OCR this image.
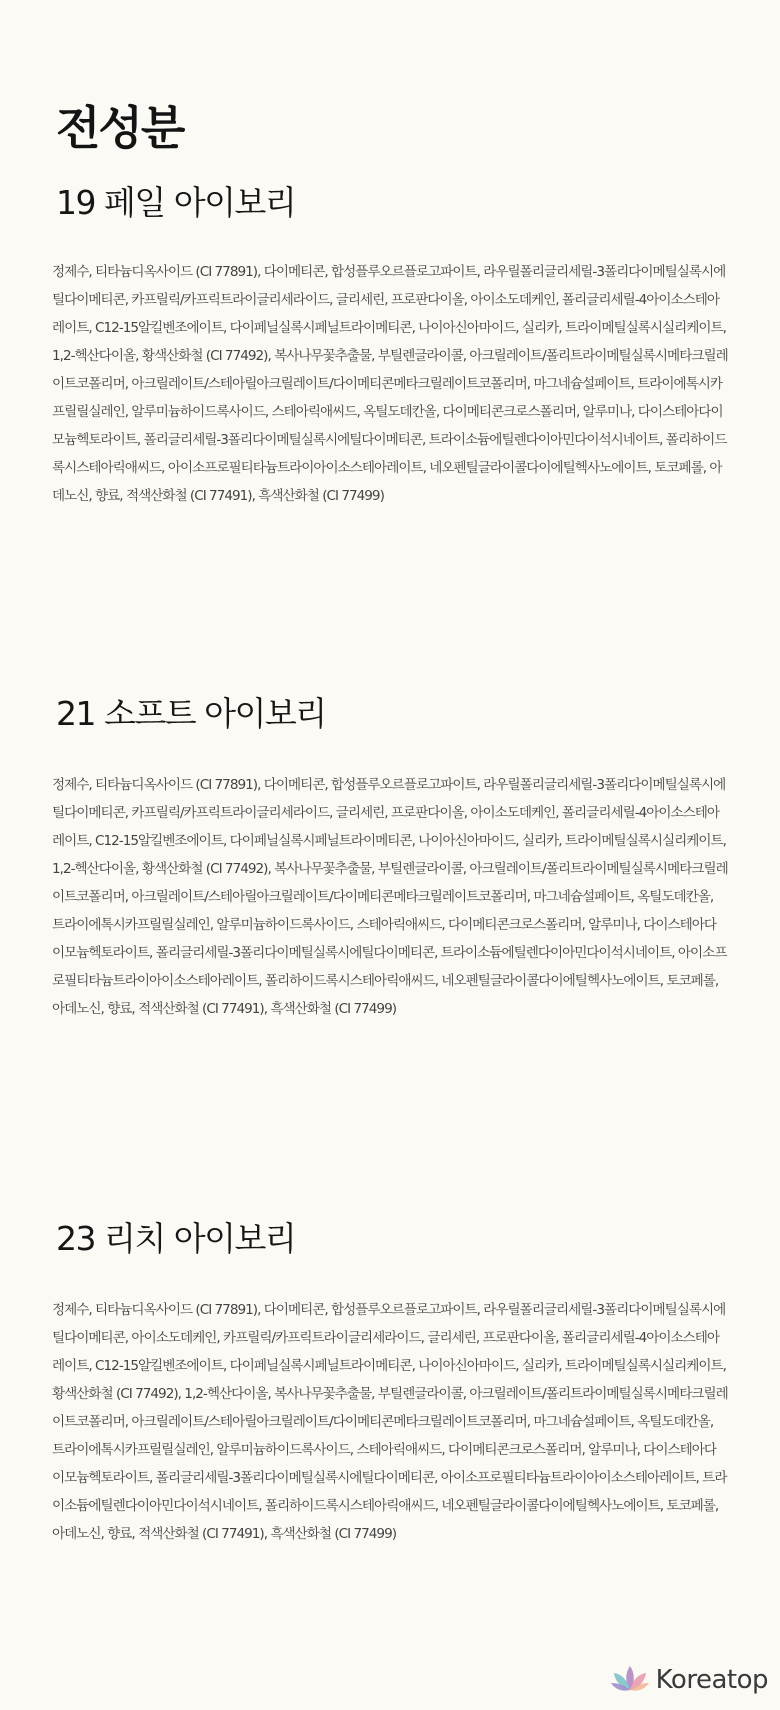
전성분
19 페일 아이보리

정제수, 티타늄디옥사이드 (CI 77891), 다이메티콘, 합성플루오르플로고파이트, 라우릴폴리글리세릴-3폴리다이메틸실록시에틸다이메티콘, 카프릴릭/카프릭트라이글리세라이드, 글리세린, 프로판다이올, 아이소도데케인, 폴리글리세릴-4아이소스테아레이트, C12-15알킬벤조에이트, 다이페닐실록시페닐트라이메티콘, 나이아신아마이드, 실리카, 트라이메틸실록시실리케이트, 1,2-헥산다이올, 황색산화철 (CI 77492), 복사나무꽃추출물, 부틸렌글라이콜, 아크릴레이트/폴리트라이메틸실록시메타크릴레이트코폴리머, 아크릴레이트/스테아릴아크릴레이트/다이메티콘메타크릴레이트코폴리머, 마그네슘설페이트, 트라이에톡시카프릴릴실레인, 알루미늄하이드록사이드, 스테아릭애씨드, 옥틸도데칸올, 다이메티콘크로스폴리머, 알루미나, 다이스테아다이모늄헥토라이트, 폴리글리세릴-3폴리다이메틸실록시에틸다이메티콘, 트라이소듐에틸렌다이아민다이석시네이트, 폴리하이드록시스테아릭애씨드, 아이소프로필티타늄트라이아이소스테아레이트, 네오펜틸글라이콜다이에틸헥사노에이트, 토코페롤, 아데노신, 향료, 적색산화철 (CI 77491), 흑색산화철 (CI 77499)

21 소프트 아이보리

정제수, 티타늄디옥사이드 (CI 77891), 다이메티콘, 합성플루오르플로고파이트, 라우릴폴리글리세릴-3폴리다이메틸실록시에틸다이메티콘, 카프릴릭/카프릭트라이글리세라이드, 글리세린, 프로판다이올, 아이소도데케인, 폴리글리세릴-4아이소스테아레이트, C12-15알킬벤조에이트, 다이페닐실록시페닐트라이메티콘, 나이아신아마이드, 실리카, 트라이메틸실록시실리케이트, 1,2-헥산다이올, 황색산화철 (CI 77492), 복사나무꽃추출물, 부틸렌글라이콜, 아크릴레이트/폴리트라이메틸실록시메타크릴레이트코폴리머, 아크릴레이트/스테아릴아크릴레이트/다이메티콘메타크릴레이트코폴리머, 마그네슘설페이트, 옥틸도데칸올, 트라이에톡시카프릴릴실레인, 알루미늄하이드록사이드, 스테아릭애씨드, 다이메티콘크로스폴리머, 알루미나, 다이스테아다이모늄헥토라이트, 폴리글리세릴-3폴리다이메틸실록시에틸다이메티콘, 트라이소듐에틸렌다이아민다이석시네이트, 아이소프로필티타늄트라이아이소스테아레이트, 폴리하이드록시스테아릭애씨드, 네오펜틸글라이콜다이에틸헥사노에이트, 토코페롤, 아데노신, 향료, 적색산화철 (CI 77491), 흑색산화철 (CI 77499)

23 리치 아이보리

정제수, 티타늄디옥사이드 (CI 77891), 다이메티콘, 합성플루오르플로고파이트, 라우릴폴리글리세릴-3폴리다이메틸실록시에틸다이메티콘, 아이소도데케인, 카프릴릭/카프릭트라이글리세라이드, 글리세린, 프로판다이올, 폴리글리세릴-4아이소스테아레이트, C12-15알킬벤조에이트, 다이페닐실록시페닐트라이메티콘, 나이아신아마이드, 실리카, 트라이메틸실록시실리케이트, 황색산화철 (CI 77492), 1,2-헥산다이올, 복사나무꽃추출물, 부틸렌글라이콜, 아크릴레이트/폴리트라이메틸실록시메타크릴레이트코폴리머, 아크릴레이트/스테아릴아크릴레이트/다이메티콘메타크릴레이트코폴리머, 마그네슘설페이트, 옥틸도데칸올, 트라이에톡시카프릴릴실레인, 알루미늄하이드록사이드, 스테아릭애씨드, 다이메티콘크로스폴리머, 알루미나, 다이스테아다이모늄헥토라이트, 폴리글리세릴-3폴리다이메틸실록시에틸다이메티콘, 아이소프로필티타늄트라이아이소스테아레이트, 트라이소듐에틸렌다이아민다이석시네이트, 폴리하이드록시스테아릭애씨드, 네오펜틸글라이콜다이에틸헥사노에이트, 토코페롤, 아데노신, 향료, 적색산화철 (CI 77491), 흑색산화철 (CI 77499)

Koreatop
